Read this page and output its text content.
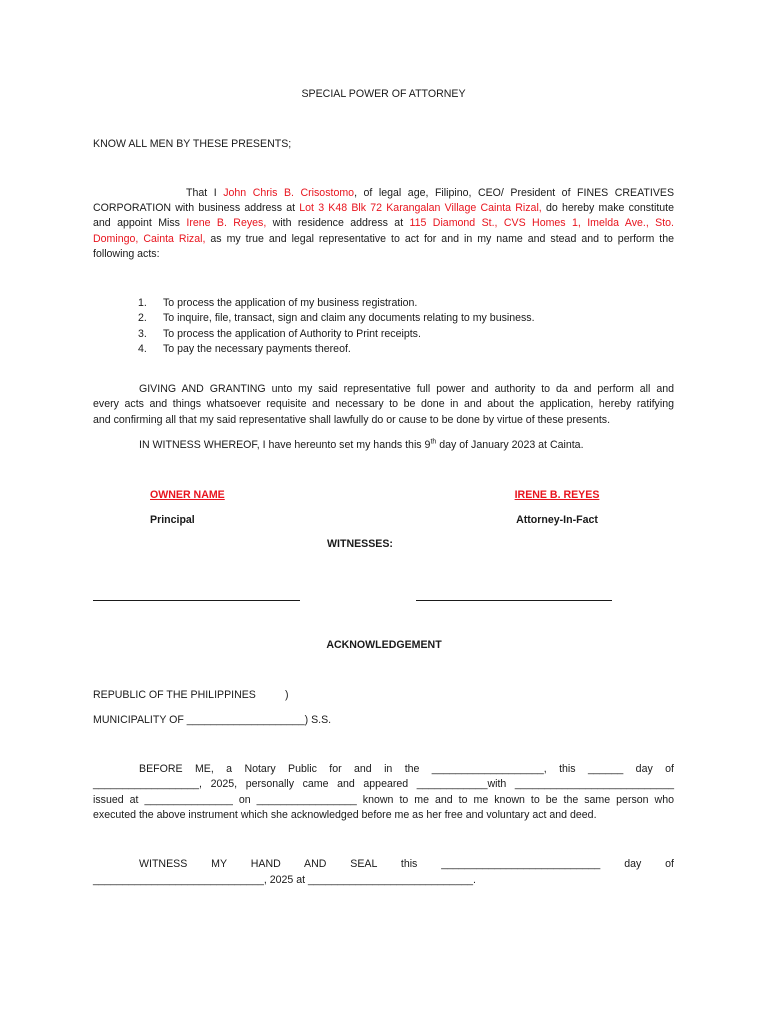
SPECIAL POWER OF ATTORNEY
KNOW ALL MEN BY THESE PRESENTS;
That I John Chris B. Crisostomo, of legal age, Filipino, CEO/ President of FINES CREATIVES
CORPORATION with business address at Lot 3 K48 Blk 72 Karangalan Village Cainta Rizal, do hereby make constitute
and appoint Miss Irene B. Reyes, with residence address at 115 Diamond St., CVS Homes 1, Imelda Ave., Sto.
Domingo, Cainta Rizal, as my true and legal representative to act for and in my name and stead and to perform the
following acts:
1. To process the application of my business registration.
2. To inquire, file, transact, sign and claim any documents relating to my business.
3. To process the application of Authority to Print receipts.
4. To pay the necessary payments thereof.
GIVING AND GRANTING unto my said representative full power and authority to da and perform all and
every acts and things whatsoever requisite and necessary to be done in and about the application, hereby ratifying
and confirming all that my said representative shall lawfully do or cause to be done by virtue of these presents.
IN WITNESS WHEREOF, I have hereunto set my hands this 9th day of January 2023 at Cainta.
OWNER NAME
Principal
IRENE B. REYES
Attorney-In-Fact
WITNESSES:
ACKNOWLEDGEMENT
REPUBLIC OF THE PHILIPPINES	)
MUNICIPALITY OF ____________________) S.S.
BEFORE ME, a Notary Public for and in the ___________________, this ______ day of
__________________, 2025, personally came and appeared ____________with ___________________________
issued at _______________ on _________________ known to me and to me known to be the same person who
executed the above instrument which she acknowledged before me as her free and voluntary act and deed.
WITNESS MY HAND AND SEAL this ___________________________ day of
_____________________________, 2025 at ____________________________.
